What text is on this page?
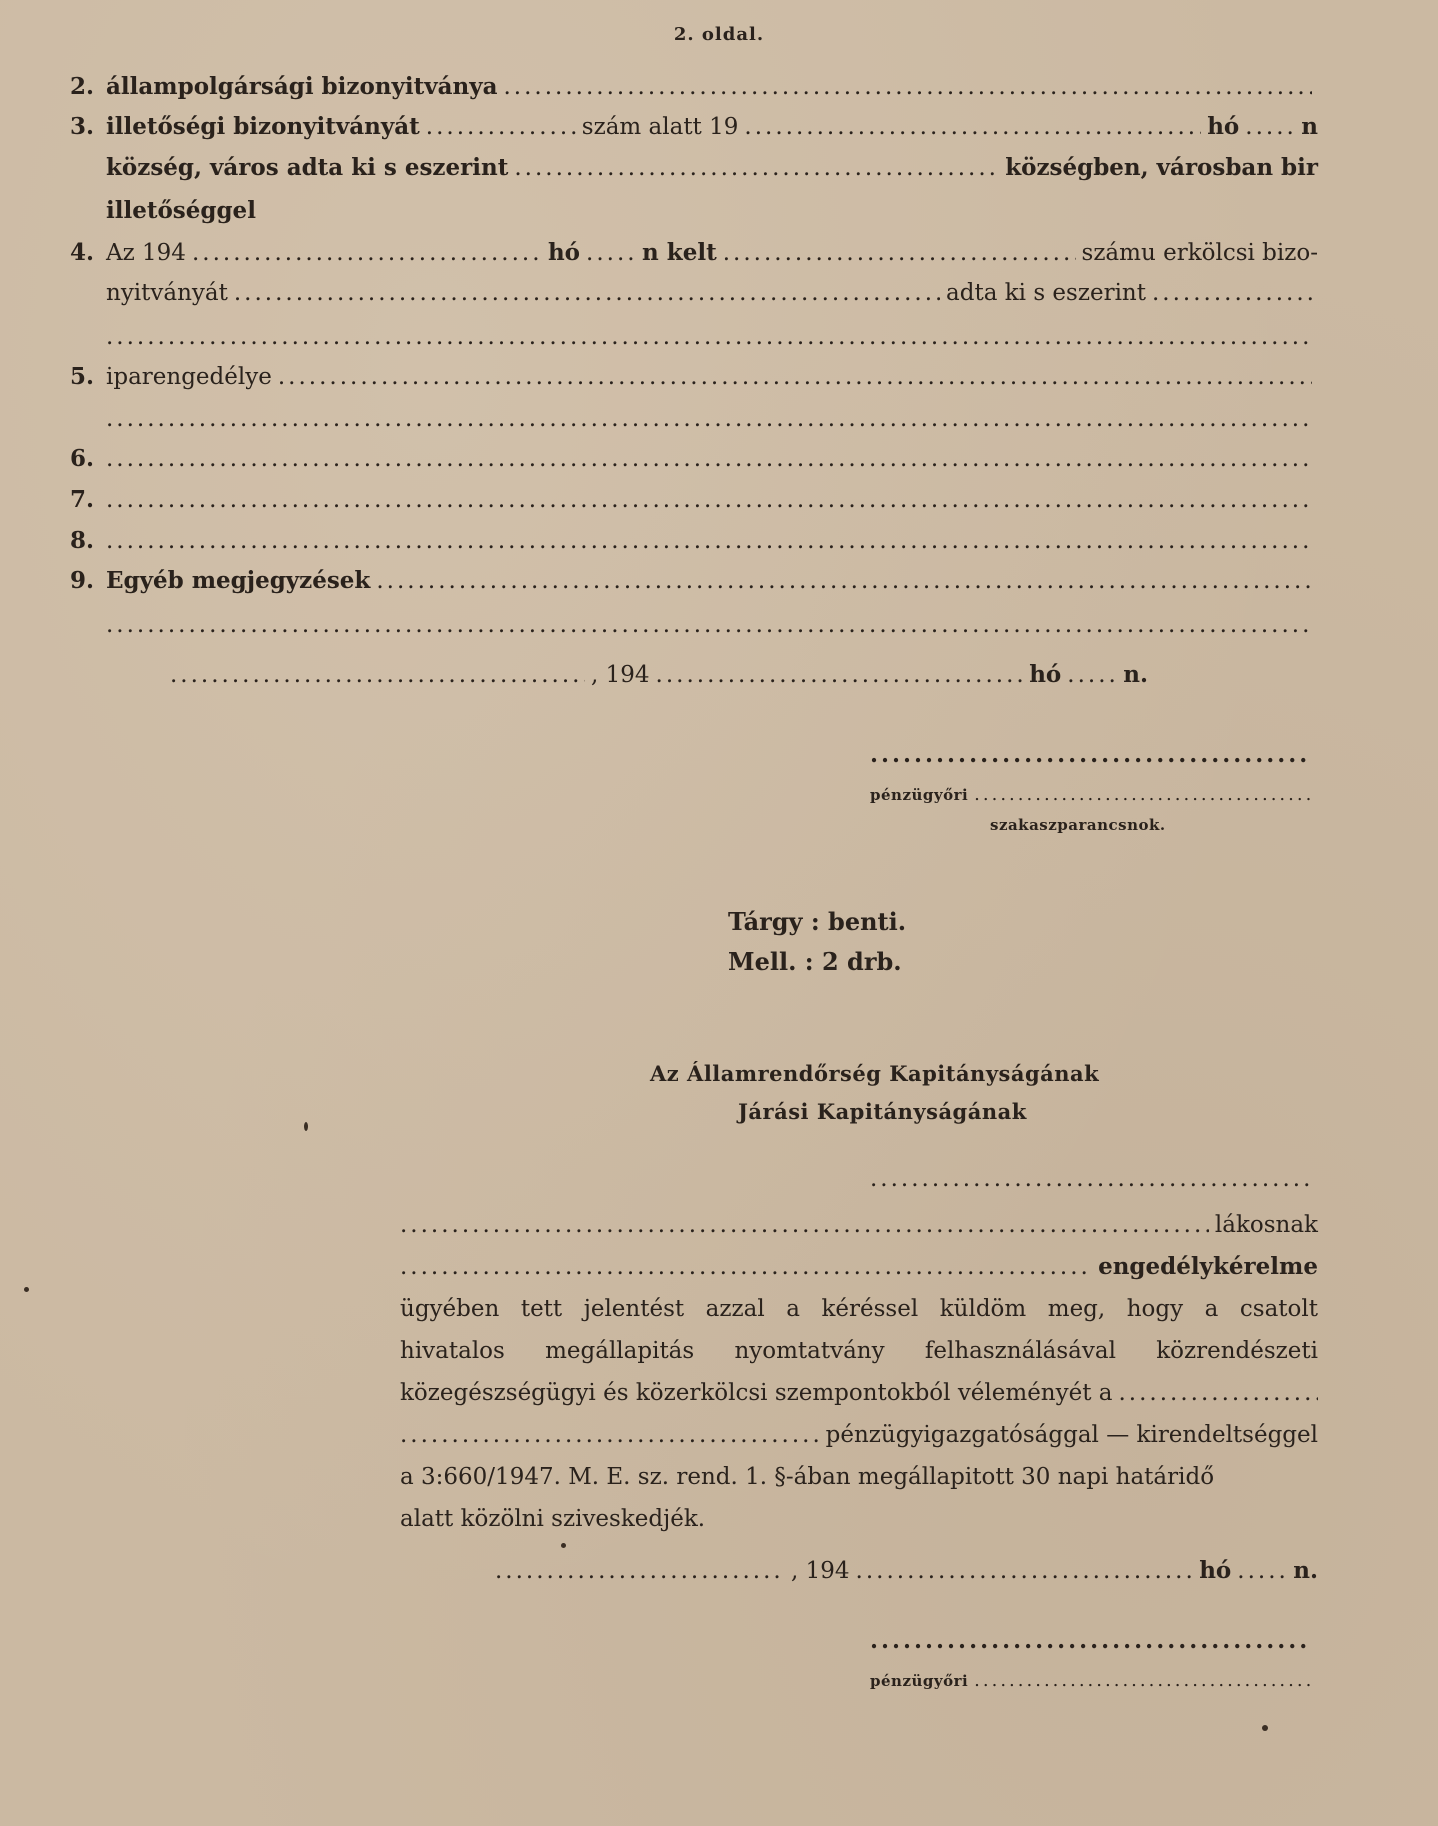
2. oldal.
2. állampolgársági bizonyitványa
.....
3. illetőségi bizonyitványát .....	szám alatt 19 .....	hó .....	n
község, város adta ki s eszerint .....	községben, városban bir
illetőséggel
4. Az 194 .....	hó .....	n kelt .....	számu erkölcsi bizo-
nyitványát .....	adta ki s eszerint
.....
.....
5. iparengedélye
.....
.....
6.
.....
7.
.....
8.
.....
9. Egyéb megjegyzések
.....
.....
.....
, 194 .....	hó .....	n.
.....
pénzügyőri
.....
szakaszparancsnok.
Tárgy : benti.
Mell. : 2 drb.
Az Államrendőrség Kapitányságának
Járási Kapitányságának
.....
.....
lákosnak
.....
engedélykérelme
ügyében tett jelentést azzal a kéréssel küldöm meg, hogy a csatolt
hivatalos megállapitás nyomtatvány felhasználásával közrendészeti
közegészségügyi és közerkölcsi szempontokból véleményét a
.....
.....
pénzügyigazgatósággal — kirendeltséggel
a 3:660/1947. M. E. sz. rend. 1. §-ában megállapitott 30 napi határidő
alatt közölni sziveskedjék.
.....
, 194 .....	hó .....	n.
.....
pénzügyőri
.....
